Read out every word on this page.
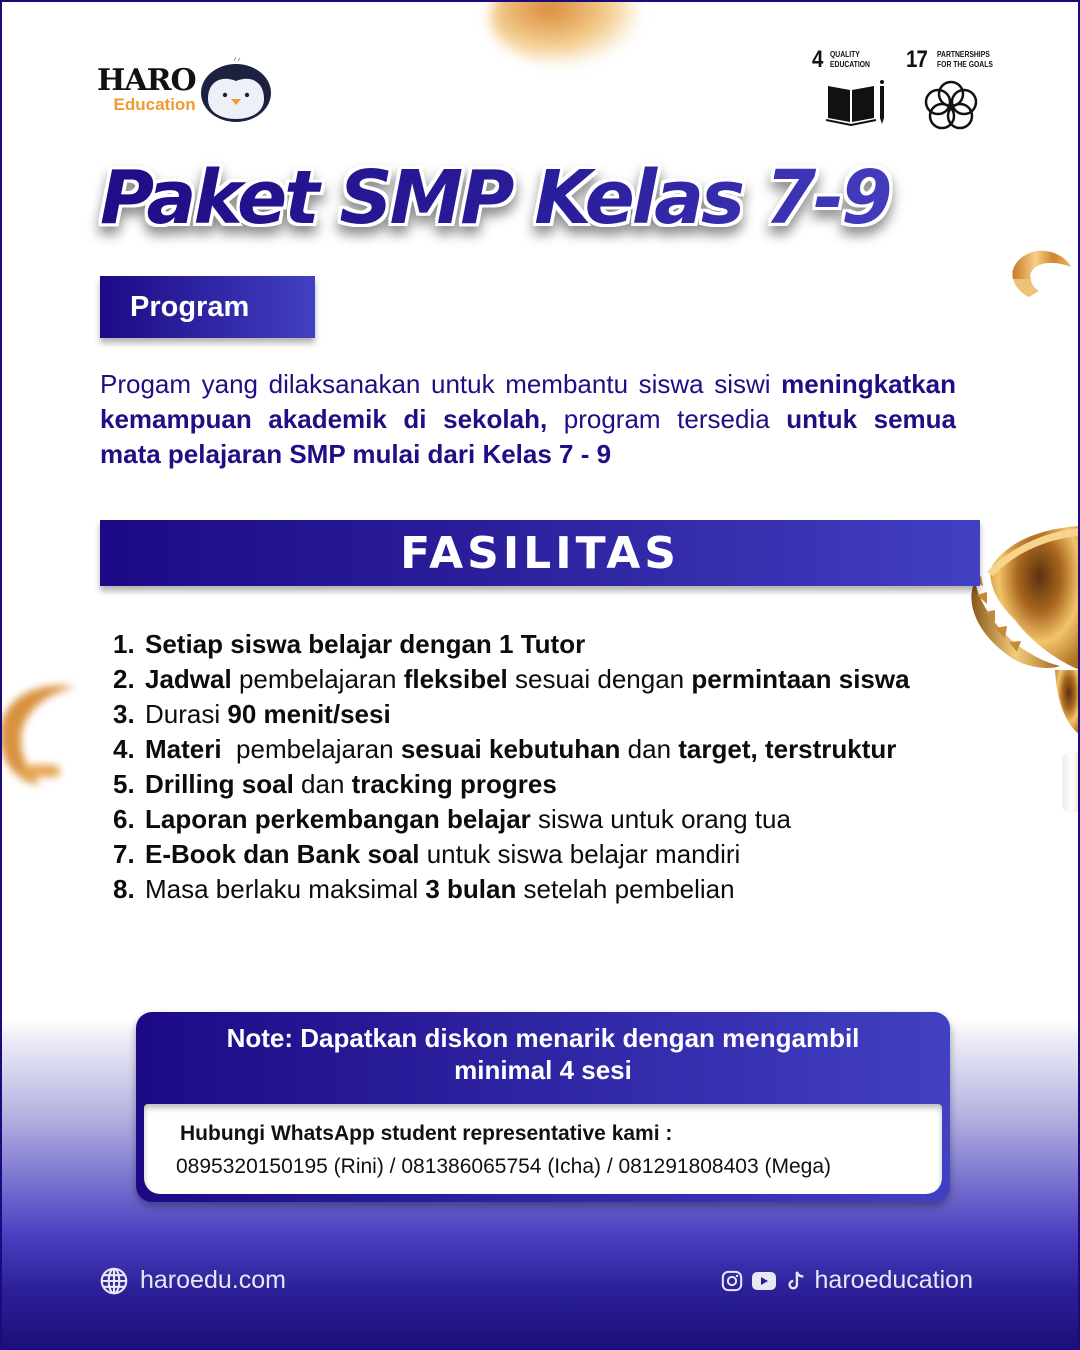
HARO
Education
4 QUALITY
EDUCATION 17 PARTNERSHIPS
FOR THE GOALS
Paket SMP Kelas 7-9
Program

Progam yang dilaksanakan untuk membantu siswa siswi meningkatkan kemampuan akademik di sekolah, program tersedia untuk semua mata pelajaran SMP mulai dari Kelas 7 - 9

FASILITAS
1. Setiap siswa belajar dengan 1 Tutor
2. Jadwal pembelajaran fleksibel sesuai dengan permintaan siswa
3. Durasi 90 menit/sesi
4. Materi  pembelajaran sesuai kebutuhan dan target, terstruktur
5. Drilling soal dan tracking progres
6. Laporan perkembangan belajar siswa untuk orang tua
7. E-Book dan Bank soal untuk siswa belajar mandiri
8. Masa berlaku maksimal 3 bulan setelah pembelian
Note: Dapatkan diskon menarik dengan mengambil
minimal 4 sesi
Hubungi WhatsApp student representative kami :
0895320150195 (Rini) / 081386065754 (Icha) / 081291808403 (Mega)
haroedu.com	haroeducation
